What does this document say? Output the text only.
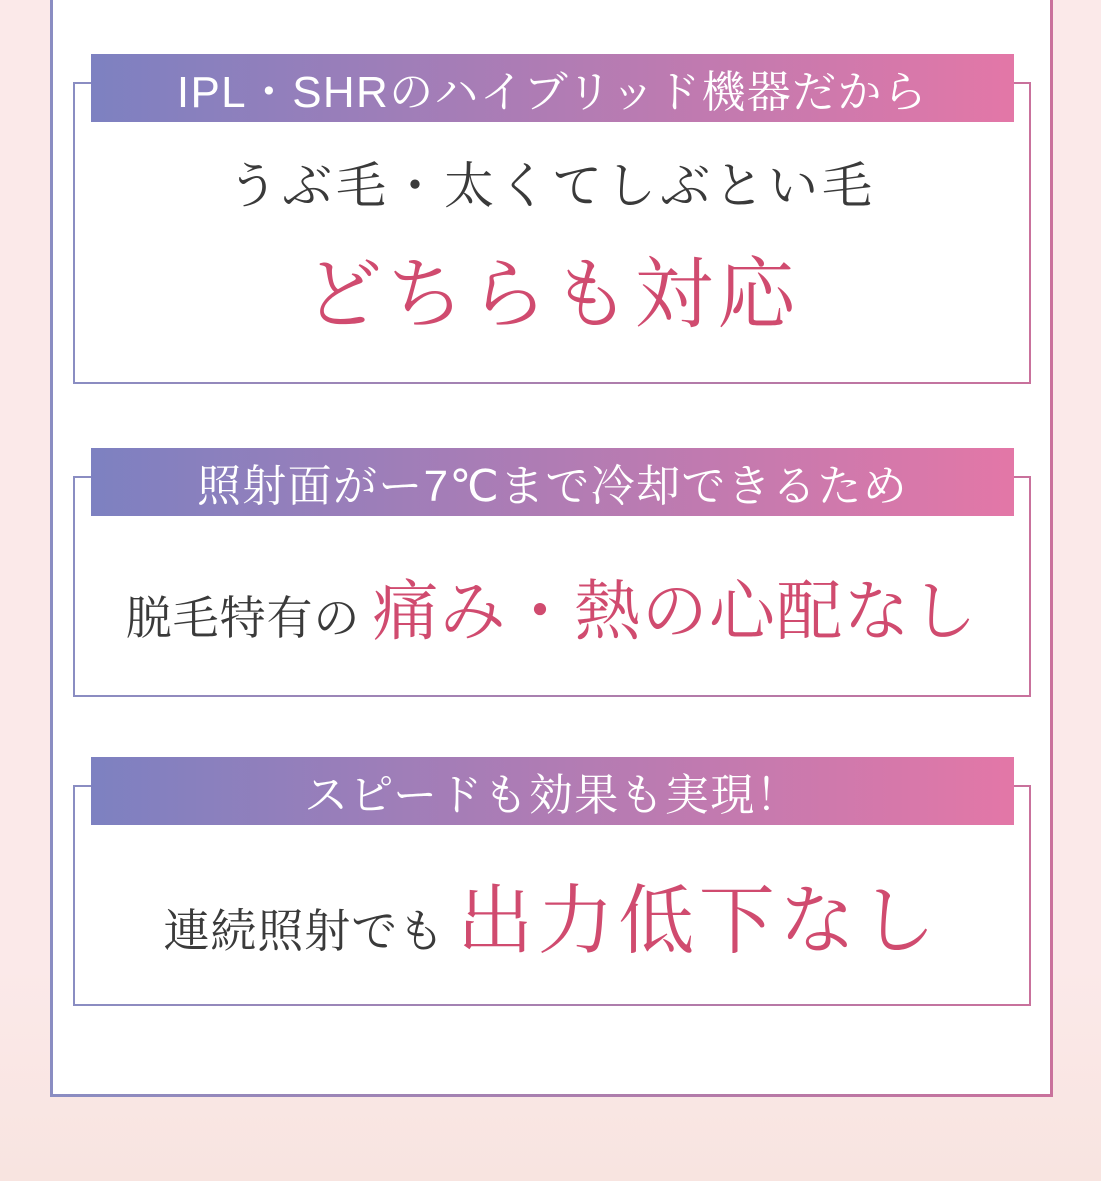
IPL・SHRのハイブリッド機器だから

うぶ毛・太くてしぶとい毛

どちらも対応

照射面がー7℃まで冷却できるため

脱毛特有の 痛み・熱の心配なし

スピードも効果も実現！

連続照射でも 出力低下なし
